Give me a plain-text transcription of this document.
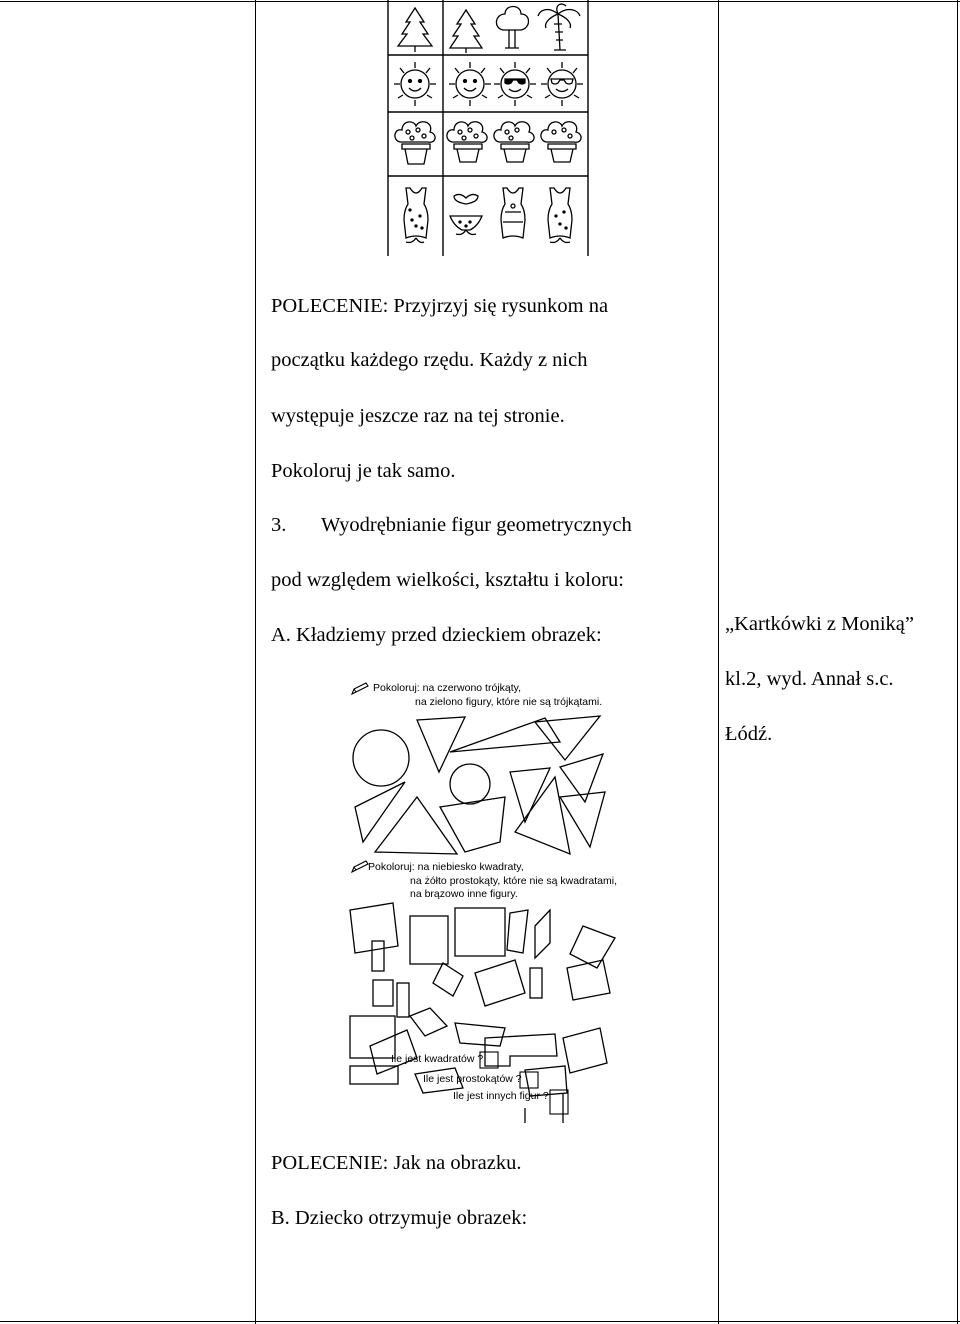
POLECENIE: Przyjrzyj się rysunkom na
początku każdego rzędu. Każdy z nich
występuje jeszcze raz na tej stronie.
Pokoloruj je tak samo.
3. Wyodrębnianie figur geometrycznych
pod względem wielkości, kształtu i koloru:
A. Kładziemy przed dzieckiem obrazek:	„Kartkówki z Moniką”
kl.2, wyd. Annał s.c.
Łódź.
Pokoloruj: na czerwono trójkąty,
na zielono figury, które nie są trójkątami.
Pokoloruj: na niebiesko kwadraty,
na żółto prostokąty, które nie są kwadratami,
na brązowo inne figury.
Ile jest kwadratów ?
Ile jest prostokątów ?
Ile jest innych figur ?
POLECENIE: Jak na obrazku.
B. Dziecko otrzymuje obrazek:
